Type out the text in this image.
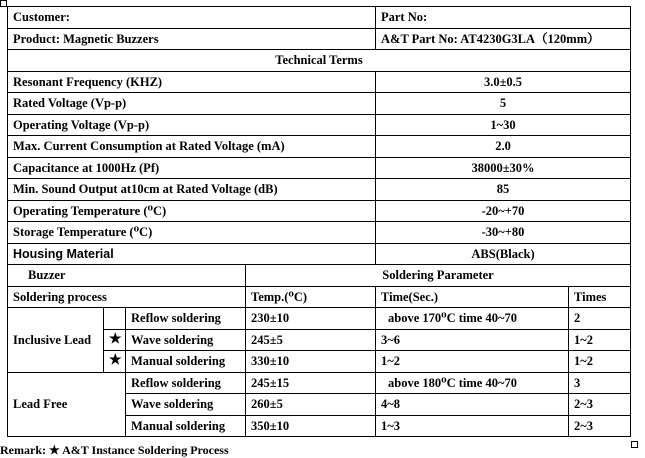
Customer:				Part No:	
Product: Magnetic Buzzers				A&T Part No: AT4230G3LA（120mm）	
Technical Terms					
Resonant Frequency (KHZ)				3.0±0.5	
Rated Voltage (Vp-p)				5	
Operating Voltage (Vp-p)				1~30	
Max. Current Consumption at Rated Voltage (mA)				2.0	
Capacitance at 1000Hz (Pf)				38000±30%	
Min. Sound Output at10cm at Rated Voltage (dB)				85	
Operating Temperature (⁰C)				-20~+70	
Storage Temperature (⁰C)				-30~+80	
Housing Material				ABS(Black)	
Buzzer			Soldering Parameter		
Soldering process			Temp.(⁰C)	Time(Sec.)	Times
Inclusive Lead		Reflow soldering	230±10	above 170⁰C time 40~70	2
	★	Wave soldering	245±5	3~6	1~2
	★	Manual soldering	330±10	1~2	1~2
Lead Free		Reflow soldering	245±15	above 180⁰C time 40~70	3
		Wave soldering	260±5	4~8	2~3
		Manual soldering	350±10	1~3	2~3
Remark: ★ A&T Instance Soldering Process
